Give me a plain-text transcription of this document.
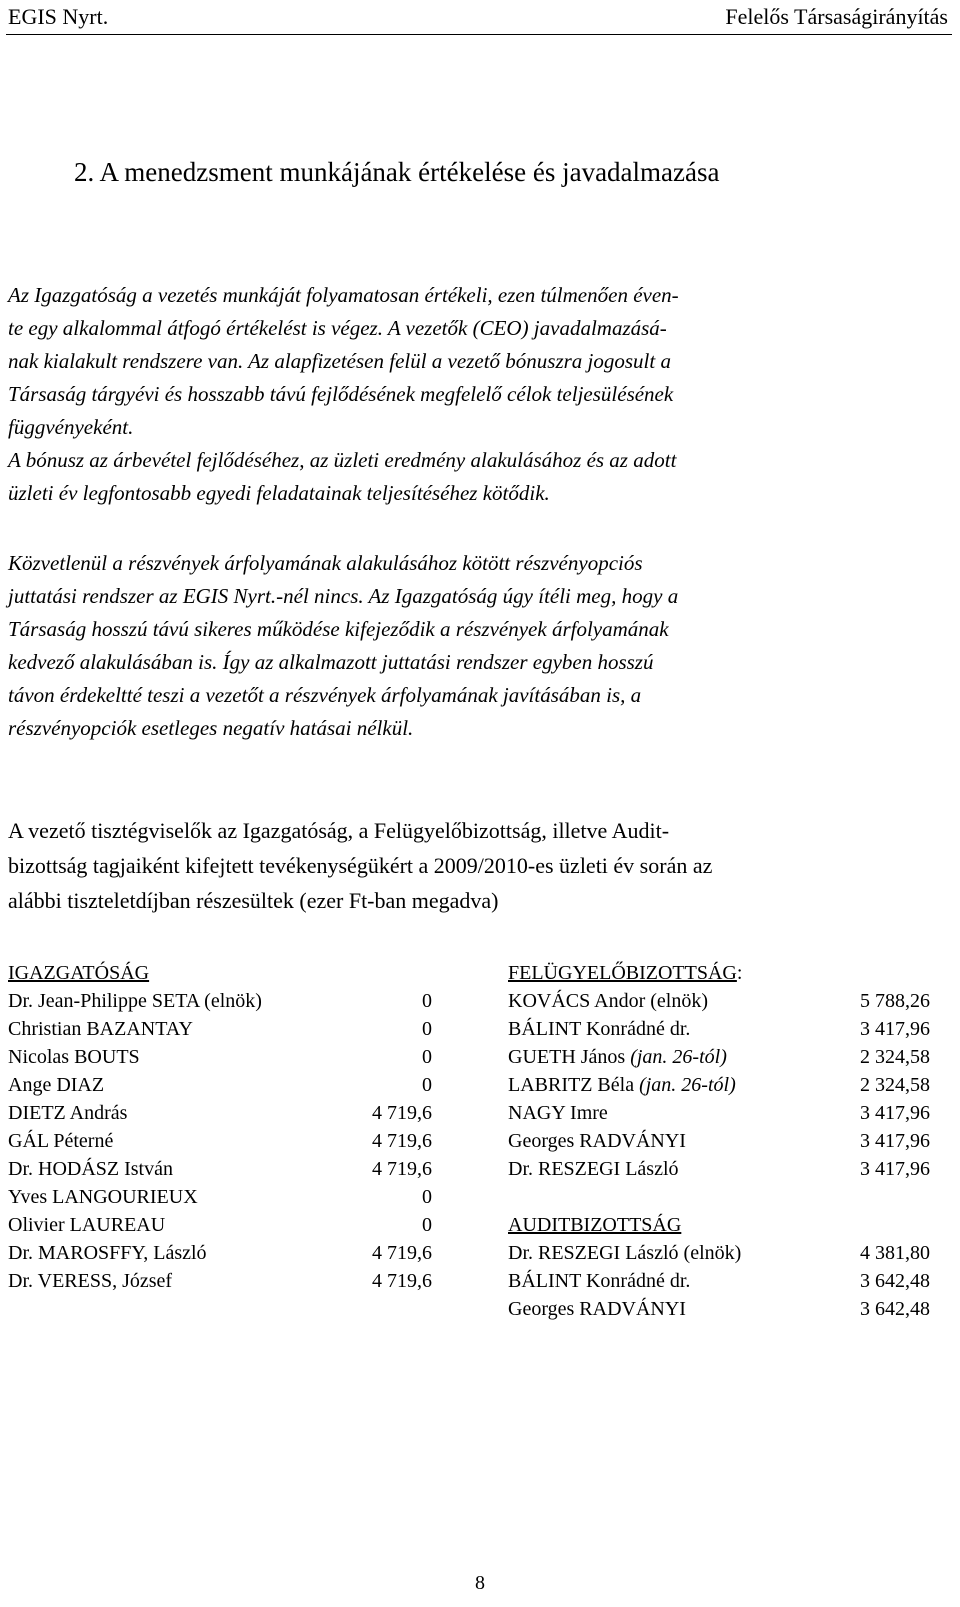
EGIS Nyrt.	Felelős Társaságirányítás
2. A menedzsment munkájának értékelése és javadalmazása
Az Igazgatóság a vezetés munkáját folyamatosan értékeli, ezen túlmenően éven-
te egy alkalommal átfogó értékelést is végez. A vezetők (CEO) javadalmazásá-
nak kialakult rendszere van. Az alapfizetésen felül a vezető bónuszra jogosult a
Társaság tárgyévi és hosszabb távú fejlődésének megfelelő célok teljesülésének
függvényeként.
A bónusz az árbevétel fejlődéséhez, az üzleti eredmény alakulásához és az adott
üzleti év legfontosabb egyedi feladatainak teljesítéséhez kötődik.
Közvetlenül a részvények árfolyamának alakulásához kötött részvényopciós
juttatási rendszer az EGIS Nyrt.-nél nincs. Az Igazgatóság úgy ítéli meg, hogy a
Társaság hosszú távú sikeres működése kifejeződik a részvények árfolyamának
kedvező alakulásában is. Így az alkalmazott juttatási rendszer egyben hosszú
távon érdekeltté teszi a vezetőt a részvények árfolyamának javításában is, a
részvényopciók esetleges negatív hatásai nélkül.
A vezető tisztégviselők az Igazgatóság, a Felügyelőbizottság, illetve Audit-
bizottság tagjaiként kifejtett tevékenységükért a 2009/2010-es üzleti év során az
alábbi tiszteletdíjban részesültek (ezer Ft-ban megadva)
IGAZGATÓSÁG
Dr. Jean-Philippe SETA (elnök)	0
Christian BAZANTAY	0
Nicolas BOUTS	0
Ange DIAZ	0
DIETZ András	4 719,6
GÁL Péterné	4 719,6
Dr. HODÁSZ István	4 719,6
Yves LANGOURIEUX	0
Olivier LAUREAU	0
Dr. MAROSFFY, László	4 719,6
Dr. VERESS, József	4 719,6
FELÜGYELŐBIZOTTSÁG:
KOVÁCS Andor (elnök)	5 788,26
BÁLINT Konrádné dr.	3 417,96
GUETH János (jan. 26-tól)	2 324,58
LABRITZ Béla (jan. 26-tól)	2 324,58
NAGY Imre	3 417,96
Georges RADVÁNYI	3 417,96
Dr. RESZEGI László	3 417,96
AUDITBIZOTTSÁG
Dr. RESZEGI László (elnök)	4 381,80
BÁLINT Konrádné dr.	3 642,48
Georges RADVÁNYI	3 642,48
8
